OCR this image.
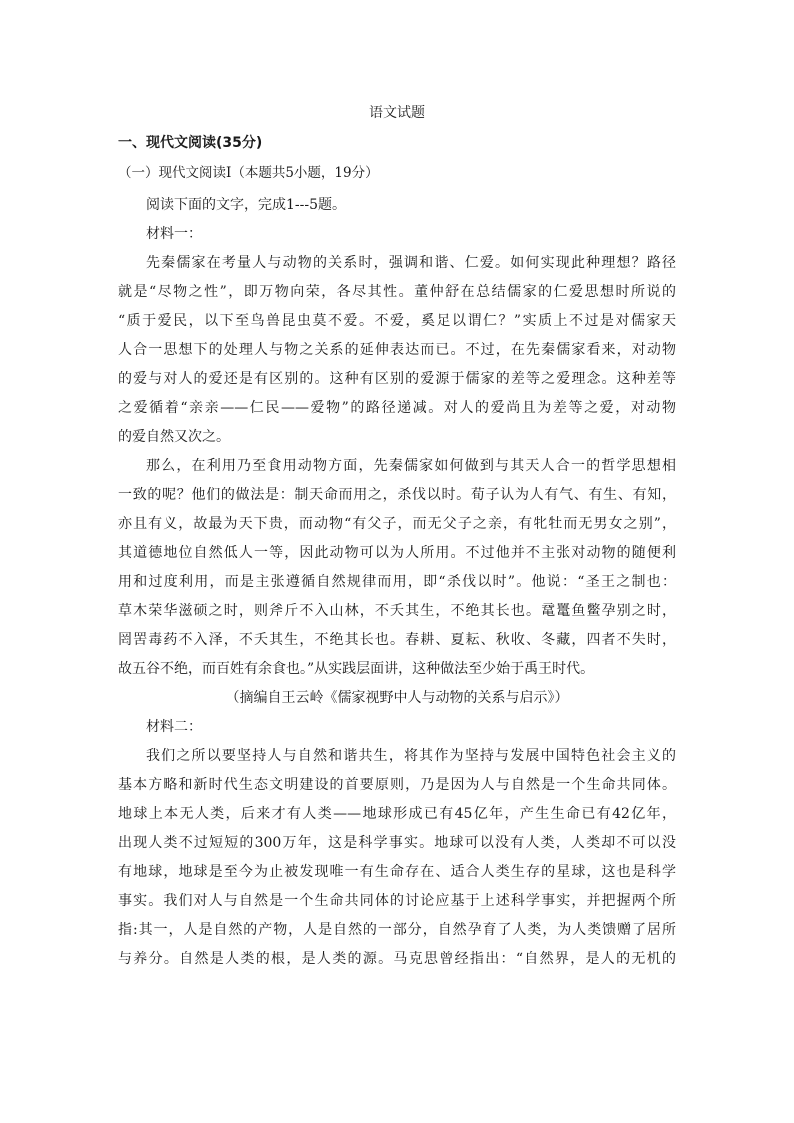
语文试题
一、现代文阅读(35分)
（一）现代文阅读Ⅰ（本题共5小题，19分）
阅读下面的文字，完成1---5题。
材料一：
先秦儒家在考量人与动物的关系时，强调和谐、仁爱。如何实现此种理想？路径
就是“尽物之性”，即万物向荣，各尽其性。董仲舒在总结儒家的仁爱思想时所说的
“质于爱民，以下至鸟兽昆虫莫不爱。不爱，奚足以谓仁？”实质上不过是对儒家天
人合一思想下的处理人与物之关系的延伸表达而已。不过，在先秦儒家看来，对动物
的爱与对人的爱还是有区别的。这种有区别的爱源于儒家的差等之爱理念。这种差等
之爱循着“亲亲——仁民——爱物”的路径递减。对人的爱尚且为差等之爱，对动物
的爱自然又次之。
那么，在利用乃至食用动物方面，先秦儒家如何做到与其天人合一的哲学思想相
一致的呢？他们的做法是：制天命而用之，杀伐以时。荀子认为人有气、有生、有知，
亦且有义，故最为天下贵，而动物“有父子，而无父子之亲，有牝牡而无男女之别”，
其道德地位自然低人一等，因此动物可以为人所用。不过他并不主张对动物的随便利
用和过度利用，而是主张遵循自然规律而用，即“杀伐以时”。他说：“圣王之制也：
草木荣华滋硕之时，则斧斤不入山林，不夭其生，不绝其长也。鼋鼍鱼鳖孕别之时，
罔罟毒药不入泽，不夭其生，不绝其长也。春耕、夏耘、秋收、冬藏，四者不失时，
故五谷不绝，而百姓有余食也。”从实践层面讲，这种做法至少始于禹王时代。
（摘编自王云岭《儒家视野中人与动物的关系与启示》）
材料二：
我们之所以要坚持人与自然和谐共生，将其作为坚持与发展中国特色社会主义的
基本方略和新时代生态文明建设的首要原则，乃是因为人与自然是一个生命共同体。
地球上本无人类，后来才有人类——地球形成已有45亿年，产生生命已有42亿年，
出现人类不过短短的300万年，这是科学事实。地球可以没有人类，人类却不可以没
有地球，地球是至今为止被发现唯一有生命存在、适合人类生存的星球，这也是科学
事实。我们对人与自然是一个生命共同体的讨论应基于上述科学事实，并把握两个所
指:其一，人是自然的产物，人是自然的一部分，自然孕育了人类，为人类馈赠了居所
与养分。自然是人类的根，是人类的源。马克思曾经指出：“自然界，是人的无机的
